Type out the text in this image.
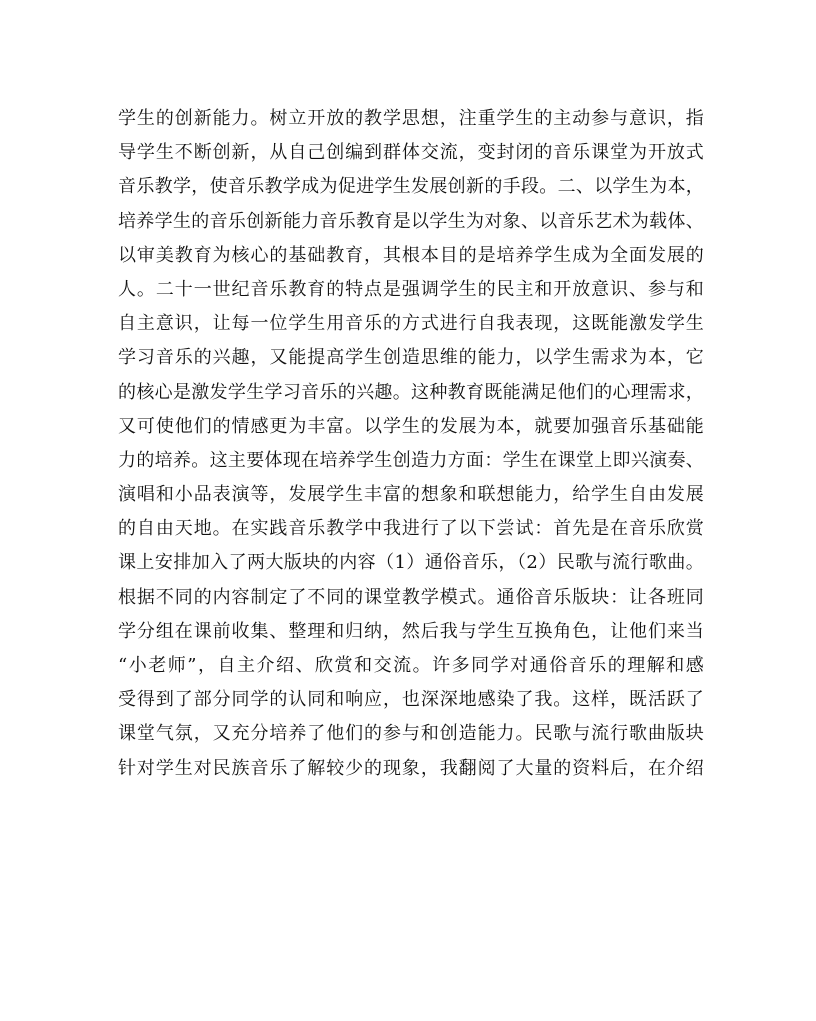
学生的创新能力。树立开放的教学思想，注重学生的主动参与意识，指
导学生不断创新，从自己创编到群体交流，变封闭的音乐课堂为开放式
音乐教学，使音乐教学成为促进学生发展创新的手段。二、以学生为本，
培养学生的音乐创新能力音乐教育是以学生为对象、以音乐艺术为载体、
以审美教育为核心的基础教育，其根本目的是培养学生成为全面发展的
人。二十一世纪音乐教育的特点是强调学生的民主和开放意识、参与和
自主意识，让每一位学生用音乐的方式进行自我表现，这既能激发学生
学习音乐的兴趣，又能提高学生创造思维的能力，以学生需求为本，它
的核心是激发学生学习音乐的兴趣。这种教育既能满足他们的心理需求，
又可使他们的情感更为丰富。以学生的发展为本，就要加强音乐基础能
力的培养。这主要体现在培养学生创造力方面：学生在课堂上即兴演奏、
演唱和小品表演等，发展学生丰富的想象和联想能力，给学生自由发展
的自由天地。在实践音乐教学中我进行了以下尝试：首先是在音乐欣赏
课上安排加入了两大版块的内容（1）通俗音乐，（2）民歌与流行歌曲。
根据不同的内容制定了不同的课堂教学模式。通俗音乐版块：让各班同
学分组在课前收集、整理和归纳，然后我与学生互换角色，让他们来当
“小老师”，自主介绍、欣赏和交流。许多同学对通俗音乐的理解和感
受得到了部分同学的认同和响应，也深深地感染了我。这样，既活跃了
课堂气氛，又充分培养了他们的参与和创造能力。民歌与流行歌曲版块
针对学生对民族音乐了解较少的现象，我翻阅了大量的资料后，在介绍
